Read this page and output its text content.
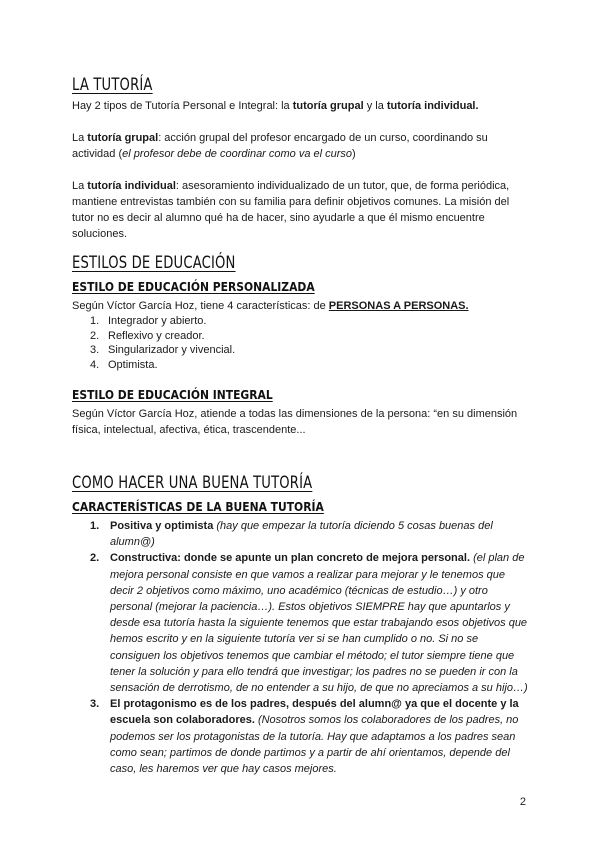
LA TUTORÍA

Hay 2 tipos de Tutoría Personal e Integral: la tutoría grupal y la tutoría individual.

La tutoría grupal: acción grupal del profesor encargado de un curso, coordinando su actividad (el profesor debe de coordinar como va el curso)

La tutoría individual: asesoramiento individualizado de un tutor, que, de forma periódica, mantiene entrevistas también con su familia para definir objetivos comunes. La misión del tutor no es decir al alumno qué ha de hacer, sino ayudarle a que él mismo encuentre soluciones.

ESTILOS DE EDUCACIÓN
ESTILO DE EDUCACIÓN PERSONALIZADA

Según Víctor García Hoz, tiene 4 características: de PERSONAS A PERSONAS.

1. Integrador y abierto.
2. Reflexivo y creador.
3. Singularizador y vivencial.
4. Optimista.
ESTILO DE EDUCACIÓN INTEGRAL

Según Víctor García Hoz, atiende a todas las dimensiones de la persona: “en su dimensión física, intelectual, afectiva, ética, trascendente...

COMO HACER UNA BUENA TUTORÍA
CARACTERÍSTICAS DE LA BUENA TUTORÍA
1. Positiva y optimista (hay que empezar la tutoría diciendo 5 cosas buenas del alumn@)
2. Constructiva: donde se apunte un plan concreto de mejora personal. (el plan de mejora personal consiste en que vamos a realizar para mejorar y le tenemos que decir 2 objetivos como máximo, uno académico (técnicas de estudio…) y otro personal (mejorar la paciencia…). Estos objetivos SIEMPRE hay que apuntarlos y desde esa tutoría hasta la siguiente tenemos que estar trabajando esos objetivos que hemos escrito y en la siguiente tutoría ver si se han cumplido o no. Si no se consiguen los objetivos tenemos que cambiar el método; el tutor siempre tiene que tener la solución y para ello tendrá que investigar; los padres no se pueden ir con la sensación de derrotismo, de no entender a su hijo, de que no apreciamos a su hijo…)
3. El protagonismo es de los padres, después del alumn@ ya que el docente y la escuela son colaboradores. (Nosotros somos los colaboradores de los padres, no podemos ser los protagonistas de la tutoría. Hay que adaptamos a los padres sean como sean; partimos de donde partimos y a partir de ahí orientamos, depende del caso, les haremos ver que hay casos mejores.
2
